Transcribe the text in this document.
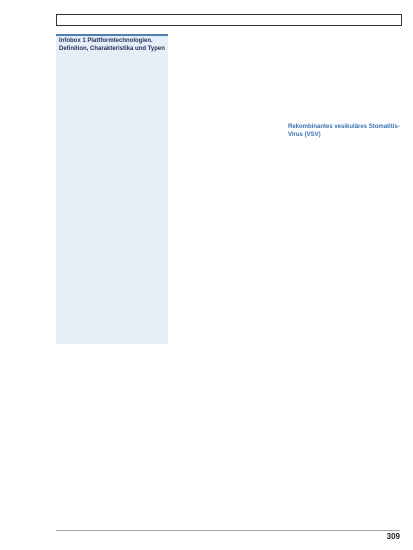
Infobox 1 Plattformtechnologien. Definition, Charakteristika und Typen

Rekombinantes vesikuläres Stomatitis-Virus (VSV)
309
